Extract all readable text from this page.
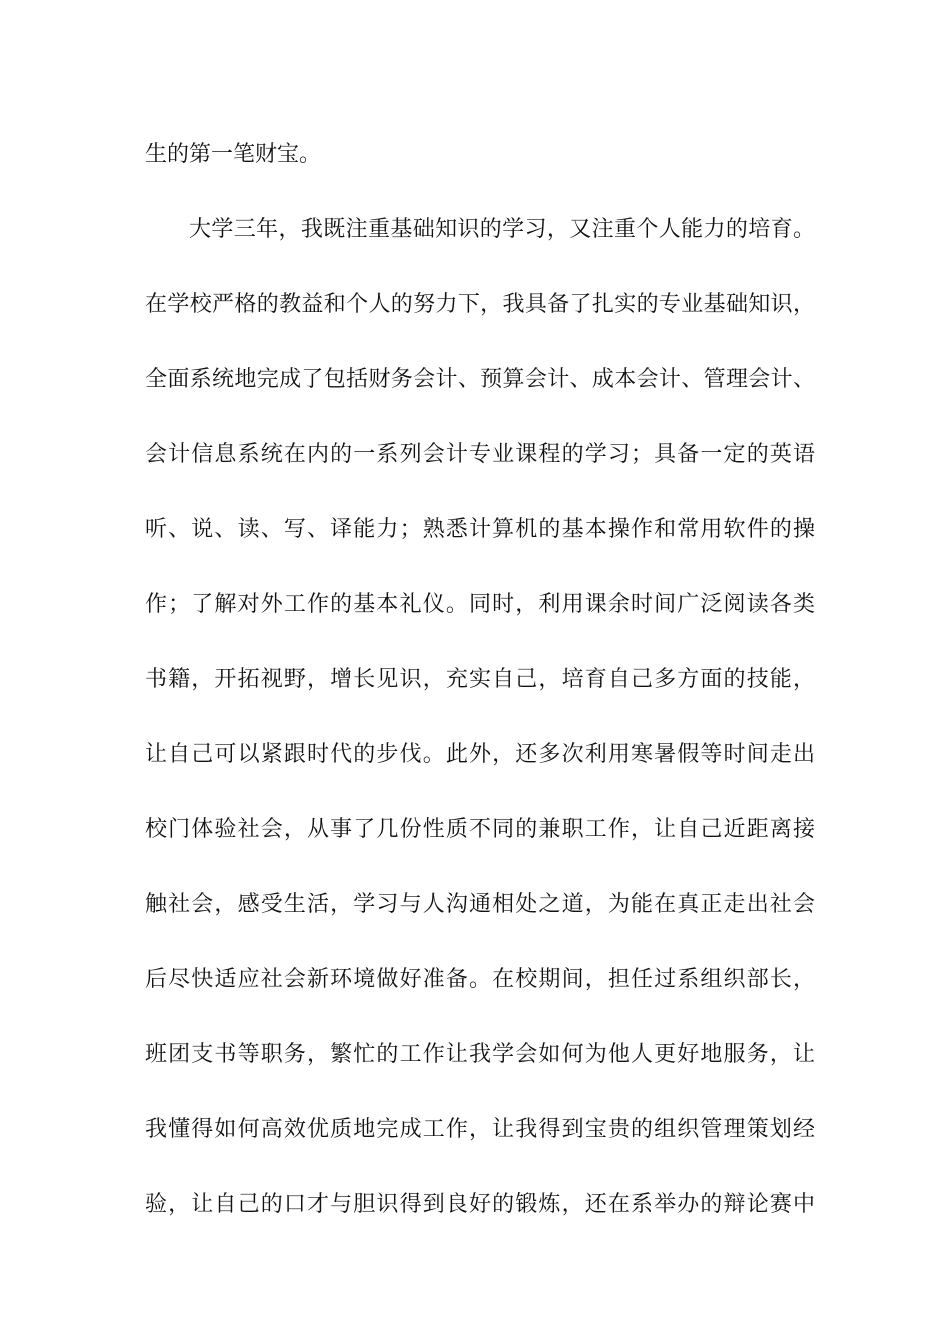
生的第一笔财宝。
大学三年，我既注重基础知识的学习，又注重个人能力的培育。
在学校严格的教益和个人的努力下，我具备了扎实的专业基础知识，
全面系统地完成了包括财务会计、预算会计、成本会计、管理会计、
会计信息系统在内的一系列会计专业课程的学习；具备一定的英语
听、说、读、写、译能力；熟悉计算机的基本操作和常用软件的操
作；了解对外工作的基本礼仪。同时，利用课余时间广泛阅读各类
书籍，开拓视野，增长见识，充实自己，培育自己多方面的技能，
让自己可以紧跟时代的步伐。此外，还多次利用寒暑假等时间走出
校门体验社会，从事了几份性质不同的兼职工作，让自己近距离接
触社会，感受生活，学习与人沟通相处之道，为能在真正走出社会
后尽快适应社会新环境做好准备。在校期间，担任过系组织部长，
班团支书等职务，繁忙的工作让我学会如何为他人更好地服务，让
我懂得如何高效优质地完成工作，让我得到宝贵的组织管理策划经
验，让自己的口才与胆识得到良好的锻炼，还在系举办的辩论赛中
